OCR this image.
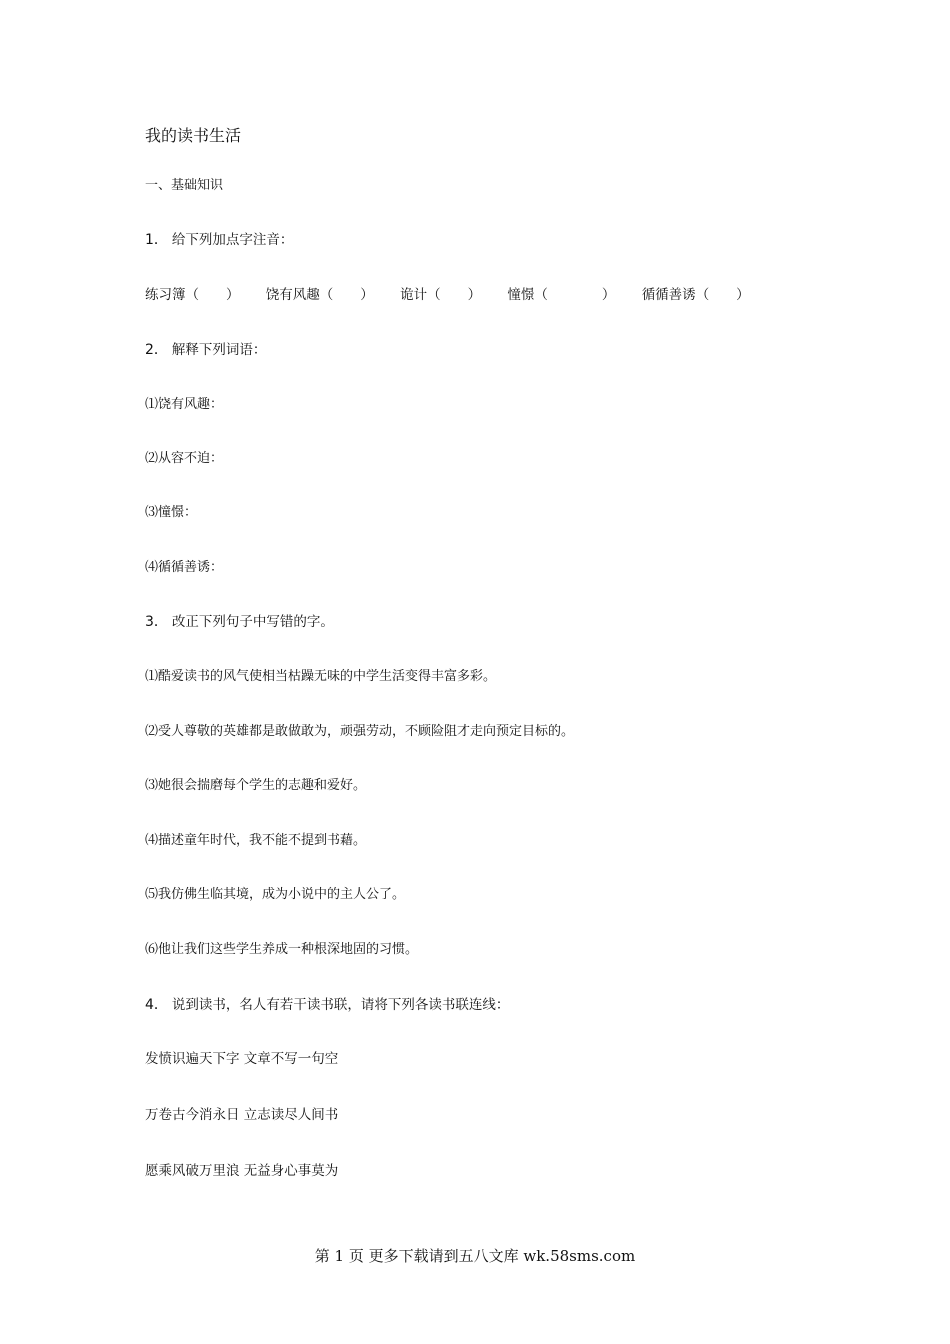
我的读书生活
一、基础知识
1． 给下列加点字注音：
练习簿（　　） 饶有风趣（　　） 诡计（　　） 憧憬（　　　　） 循循善诱（　　）
2． 解释下列词语：
⑴饶有风趣：
⑵从容不迫：
⑶憧憬：
⑷循循善诱：
3． 改正下列句子中写错的字。
⑴酷爱读书的风气使相当枯躁无味的中学生活变得丰富多彩。
⑵受人尊敬的英雄都是敢做敢为，顽强劳动，不顾险阻才走向预定目标的。
⑶她很会揣磨每个学生的志趣和爱好。
⑷描述童年时代，我不能不提到书藉。
⑸我仿佛生临其境，成为小说中的主人公了。
⑹他让我们这些学生养成一种根深地固的习惯。
4． 说到读书，名人有若干读书联，请将下列各读书联连线：
发愤识遍天下字 文章不写一句空
万卷古今消永日 立志读尽人间书
愿乘风破万里浪 无益身心事莫为
第 1 页 更多下载请到五八文库 wk.58sms.com
